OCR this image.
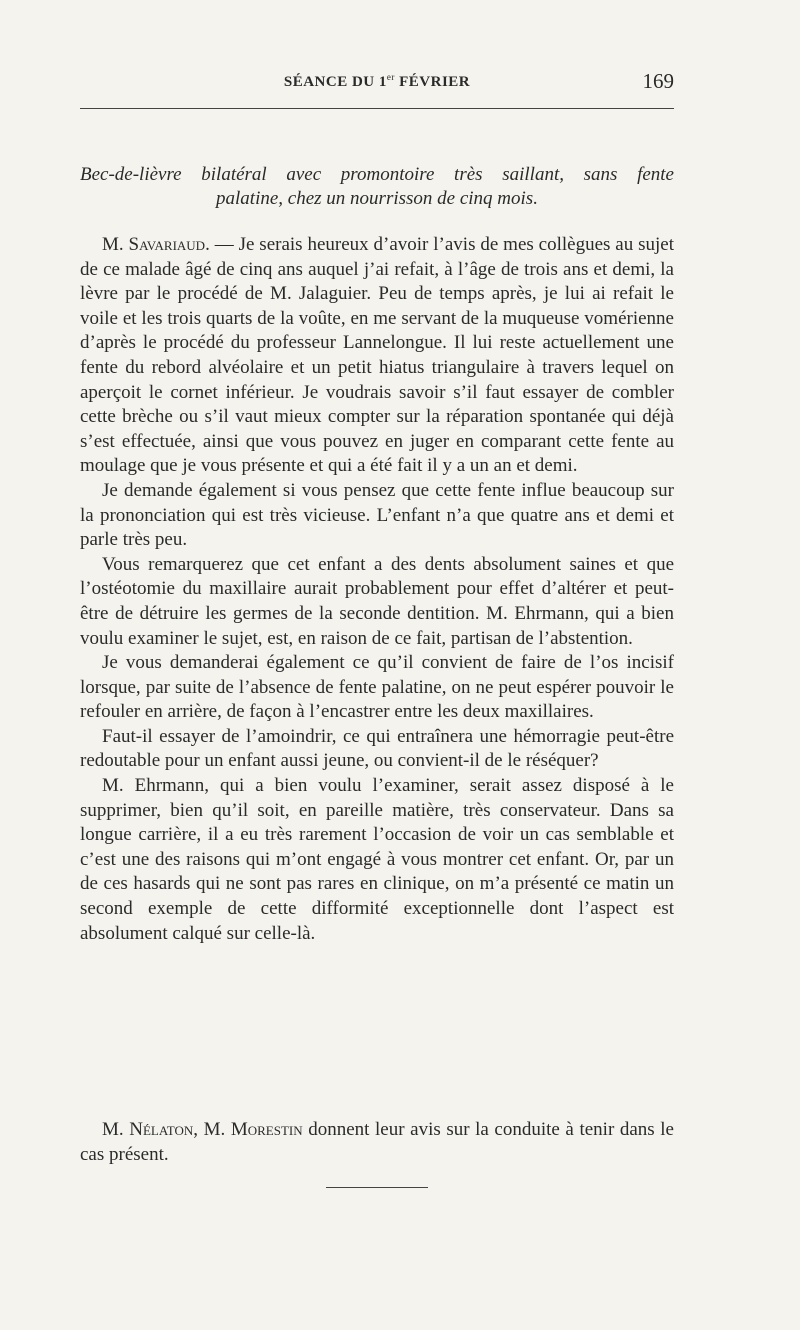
SÉANCE DU 1er FÉVRIER	169
Bec-de-lièvre bilatéral avec promontoire très saillant, sans fente
palatine, chez un nourrisson de cinq mois.

M. Savariaud. — Je serais heureux d’avoir l’avis de mes collègues au sujet de ce malade âgé de cinq ans auquel j’ai refait, à l’âge de trois ans et demi, la lèvre par le procédé de M. Jalaguier. Peu de temps après, je lui ai refait le voile et les trois quarts de la voûte, en me servant de la muqueuse vomérienne d’après le procédé du professeur Lannelongue. Il lui reste actuellement une fente du rebord alvéolaire et un petit hiatus triangulaire à travers lequel on aperçoit le cornet inférieur. Je voudrais savoir s’il faut essayer de combler cette brèche ou s’il vaut mieux compter sur la réparation spontanée qui déjà s’est effectuée, ainsi que vous pouvez en juger en comparant cette fente au moulage que je vous présente et qui a été fait il y a un an et demi.

Je demande également si vous pensez que cette fente influe beaucoup sur la prononciation qui est très vicieuse. L’enfant n’a que quatre ans et demi et parle très peu.

Vous remarquerez que cet enfant a des dents absolument saines et que l’ostéotomie du maxillaire aurait probablement pour effet d’altérer et peut-être de détruire les germes de la seconde dentition. M. Ehrmann, qui a bien voulu examiner le sujet, est, en raison de ce fait, partisan de l’abstention.

Je vous demanderai également ce qu’il convient de faire de l’os incisif lorsque, par suite de l’absence de fente palatine, on ne peut espérer pouvoir le refouler en arrière, de façon à l’encastrer entre les deux maxillaires.

Faut-il essayer de l’amoindrir, ce qui entraînera une hémorragie peut-être redoutable pour un enfant aussi jeune, ou convient-il de le réséquer?

M. Ehrmann, qui a bien voulu l’examiner, serait assez disposé à le supprimer, bien qu’il soit, en pareille matière, très conservateur. Dans sa longue carrière, il a eu très rarement l’occasion de voir un cas semblable et c’est une des raisons qui m’ont engagé à vous montrer cet enfant. Or, par un de ces hasards qui ne sont pas rares en clinique, on m’a présenté ce matin un second exemple de cette difformité exceptionnelle dont l’aspect est absolument calqué sur celle-là.

M. Nélaton, M. Morestin donnent leur avis sur la conduite à tenir dans le cas présent.
